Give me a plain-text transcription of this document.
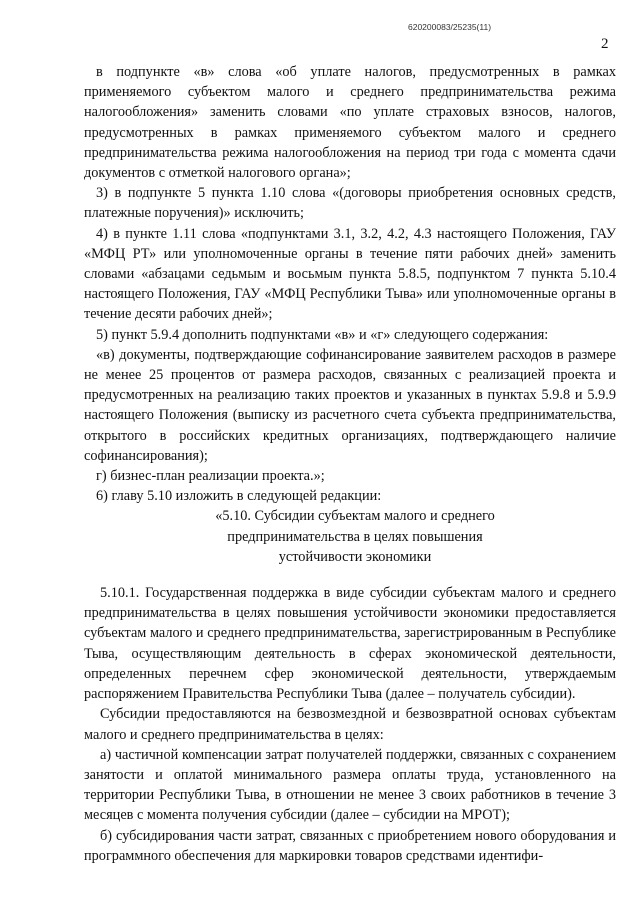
620200083/25235(11)
2

в подпункте «в» слова «об уплате налогов, предусмотренных в рамках применяемого субъектом малого и среднего предпринимательства режима налогообложения» заменить словами «по уплате страховых взносов, налогов, предусмотренных в рамках применяемого субъектом малого и среднего предпринимательства режима налогообложения на период три года с момента сдачи документов с отметкой налогового органа»;

3) в подпункте 5 пункта 1.10 слова «(договоры приобретения основных средств, платежные поручения)» исключить;

4) в пункте 1.11 слова «подпунктами 3.1, 3.2, 4.2, 4.3 настоящего Положения, ГАУ «МФЦ РТ» или уполномоченные органы в течение пяти рабочих дней» заменить словами «абзацами седьмым и восьмым пункта 5.8.5, подпунктом 7 пункта 5.10.4 настоящего Положения, ГАУ «МФЦ Республики Тыва» или уполномоченные органы в течение десяти рабочих дней»;

5) пункт 5.9.4 дополнить подпунктами «в» и «г» следующего содержания:

«в) документы, подтверждающие софинансирование заявителем расходов в размере не менее 25 процентов от размера расходов, связанных с реализацией проекта и предусмотренных на реализацию таких проектов и указанных в пунктах 5.9.8 и 5.9.9 настоящего Положения (выписку из расчетного счета субъекта предпринимательства, открытого в российских кредитных организациях, подтверждающего наличие софинансирования);

г) бизнес-план реализации проекта.»;

6) главу 5.10 изложить в следующей редакции:

«5.10. Субсидии субъектам малого и среднего

предпринимательства в целях повышения

устойчивости экономики

5.10.1. Государственная поддержка в виде субсидии субъектам малого и среднего предпринимательства в целях повышения устойчивости экономики предоставляется субъектам малого и среднего предпринимательства, зарегистрированным в Республике Тыва, осуществляющим деятельность в сферах экономической деятельности, определенных перечнем сфер экономической деятельности, утверждаемым распоряжением Правительства Республики Тыва (далее – получатель субсидии).

Субсидии предоставляются на безвозмездной и безвозвратной основах субъектам малого и среднего предпринимательства в целях:

а) частичной компенсации затрат получателей поддержки, связанных с сохранением занятости и оплатой минимального размера оплаты труда, установленного на территории Республики Тыва, в отношении не менее 3 своих работников в течение 3 месяцев с момента получения субсидии (далее – субсидии на МРОТ);

б) субсидирования части затрат, связанных с приобретением нового оборудования и программного обеспечения для маркировки товаров средствами идентифи-
